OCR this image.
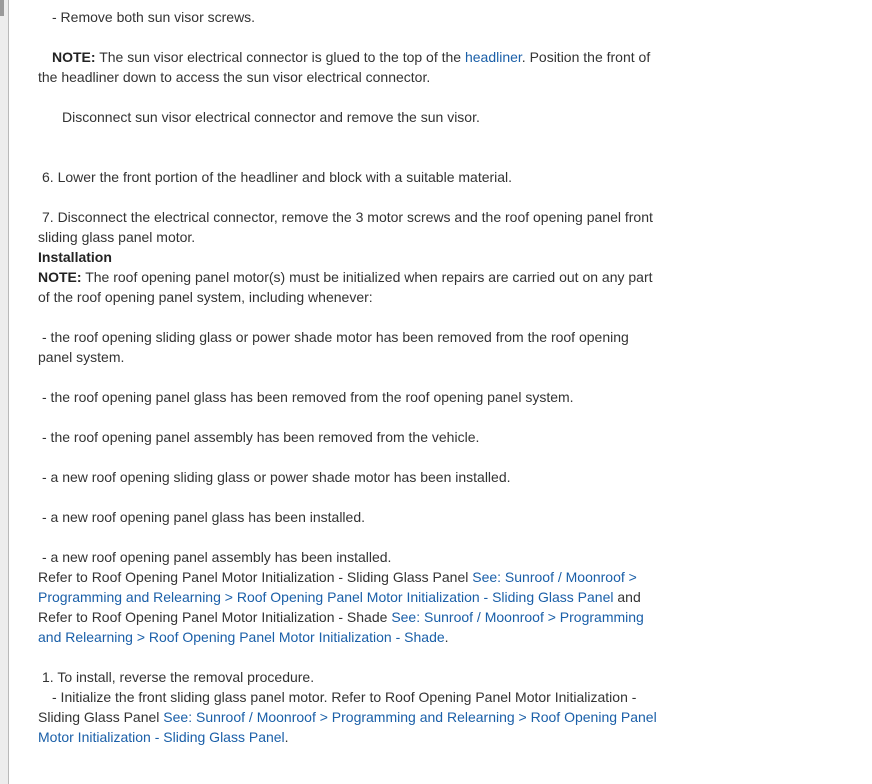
- Remove both sun visor screws.
NOTE: The sun visor electrical connector is glued to the top of the headliner. Position the front of the headliner down to access the sun visor electrical connector.
Disconnect sun visor electrical connector and remove the sun visor.
6. Lower the front portion of the headliner and block with a suitable material.
7. Disconnect the electrical connector, remove the 3 motor screws and the roof opening panel front sliding glass panel motor.
Installation
NOTE: The roof opening panel motor(s) must be initialized when repairs are carried out on any part of the roof opening panel system, including whenever:
- the roof opening sliding glass or power shade motor has been removed from the roof opening panel system.
- the roof opening panel glass has been removed from the roof opening panel system.
- the roof opening panel assembly has been removed from the vehicle.
- a new roof opening sliding glass or power shade motor has been installed.
- a new roof opening panel glass has been installed.
- a new roof opening panel assembly has been installed.
Refer to Roof Opening Panel Motor Initialization - Sliding Glass Panel See: Sunroof / Moonroof > Programming and Relearning > Roof Opening Panel Motor Initialization - Sliding Glass Panel and Refer to Roof Opening Panel Motor Initialization - Shade See: Sunroof / Moonroof > Programming and Relearning > Roof Opening Panel Motor Initialization - Shade.
1. To install, reverse the removal procedure.
- Initialize the front sliding glass panel motor. Refer to Roof Opening Panel Motor Initialization - Sliding Glass Panel See: Sunroof / Moonroof > Programming and Relearning > Roof Opening Panel Motor Initialization - Sliding Glass Panel.
